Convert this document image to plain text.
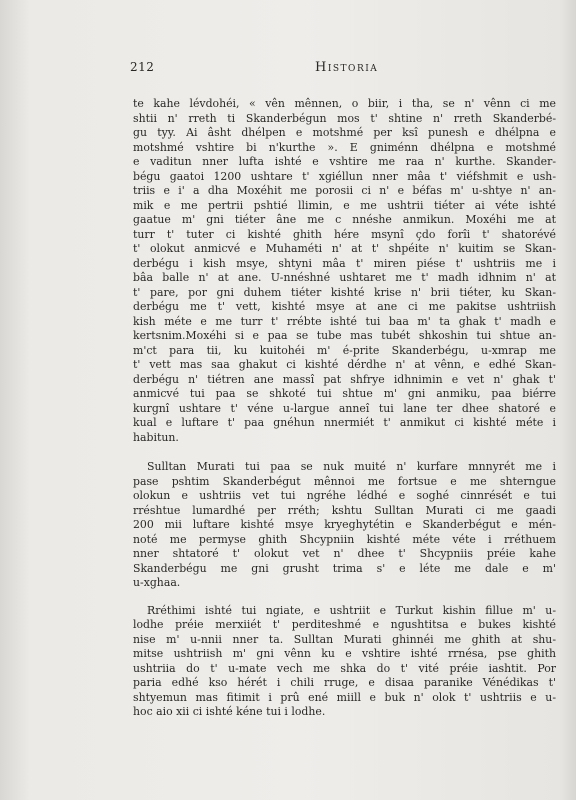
212	Historia
te kahe lévdohéi, « vên mênnen, o biir, i tha, se n' vênn ci me
shtii n' rreth ti Skanderbégun mos t' shtine n' rreth Skanderbé-
gu tyy. Ai âsht dhélpen e motshmé per ksî punesh e dhélpna e
motshmé vshtire bi n'kurthe ». E gniménn dhélpna e motshmé
e vaditun nner lufta ishté e vshtire me raa n' kurthe. Skander-
bégu gaatoi 1200 ushtare t' xgiéllun nner mâa t' viéfshmit e ush-
triis e i' a dha Moxéhit me porosii ci n' e béfas m' u-shtye n' an-
mik e me pertrii pshtié llimin, e me ushtrii tiéter ai véte ishté
gaatue m' gni tiéter âne me c nnéshe anmikun. Moxéhi me at
turr t' tuter ci kishté ghith hére msynî çdo forîi t' shatorévé
t' olokut anmicvé e Muhaméti n' at t' shpéite n' kuitim se Skan-
derbégu i kish msye, shtyni mâa t' miren piése t' ushtriis me i
bâa balle n' at ane. U-nnéshné ushtaret me t' madh idhnim n' at
t' pare, por gni duhem tiéter kishté krise n' brii tiéter, ku Skan-
derbégu me t' vett, kishté msye at ane ci me pakitse ushtriish
kish méte e me turr t' rrébte ishté tui baa m' ta ghak t' madh e
kertsnim.Moxéhi si e paa se tube mas tubét shkoshin tui shtue an-
m'ct para tii, ku kuitohéi m' é-prite Skanderbégu, u-xmrap me
t' vett mas saa ghakut ci kishté dérdhe n' at vênn, e edhé Skan-
derbégu n' tiétren ane massî pat shfrye idhnimin e vet n' ghak t'
anmicvé tui paa se shkoté tui shtue m' gni anmiku, paa biérre
kurgnî ushtare t' véne u-largue anneî tui lane ter dhee shatoré e
kual e luftare t' paa gnéhun nnermiét t' anmikut ci kishté méte i
habitun.
Sulltan Murati tui paa se nuk muité n' kurfare mnnyrét me i
pase pshtim Skanderbégut mênnoi me fortsue e me shterngue
olokun e ushtriis vet tui ngréhe lédhé e soghé cinnrését e tui
rréshtue lumardhé per rréth; kshtu Sulltan Murati ci me gaadi
200 mii luftare kishté msye kryeghytétin e Skanderbégut e mén-
noté me permyse ghith Shcypniin kishté méte véte i rréthuem
nner shtatoré t' olokut vet n' dhee t' Shcypniis préie kahe
Skanderbégu me gni grusht trima s' e léte me dale e m'
u-xghaa.
Rréthimi ishté tui ngiate, e ushtriit e Turkut kishin fillue m' u-
lodhe préie merxiiét t' perditeshmé e ngushtitsa e bukes kishté
nise m' u-nnii nner ta. Sulltan Murati ghinnéi me ghith at shu-
mitse ushtriish m' gni vênn ku e vshtire ishté rrnésa, pse ghith
ushtriia do t' u-mate vech me shka do t' vité préie iashtit. Por
paria edhé kso hérét i chili rruge, e disaa paranike Vénédikas t'
shtyemun mas fitimit i prû ené miill e buk n' olok t' ushtriis e u-
hoc aio xii ci ishté kéne tui i lodhe.
